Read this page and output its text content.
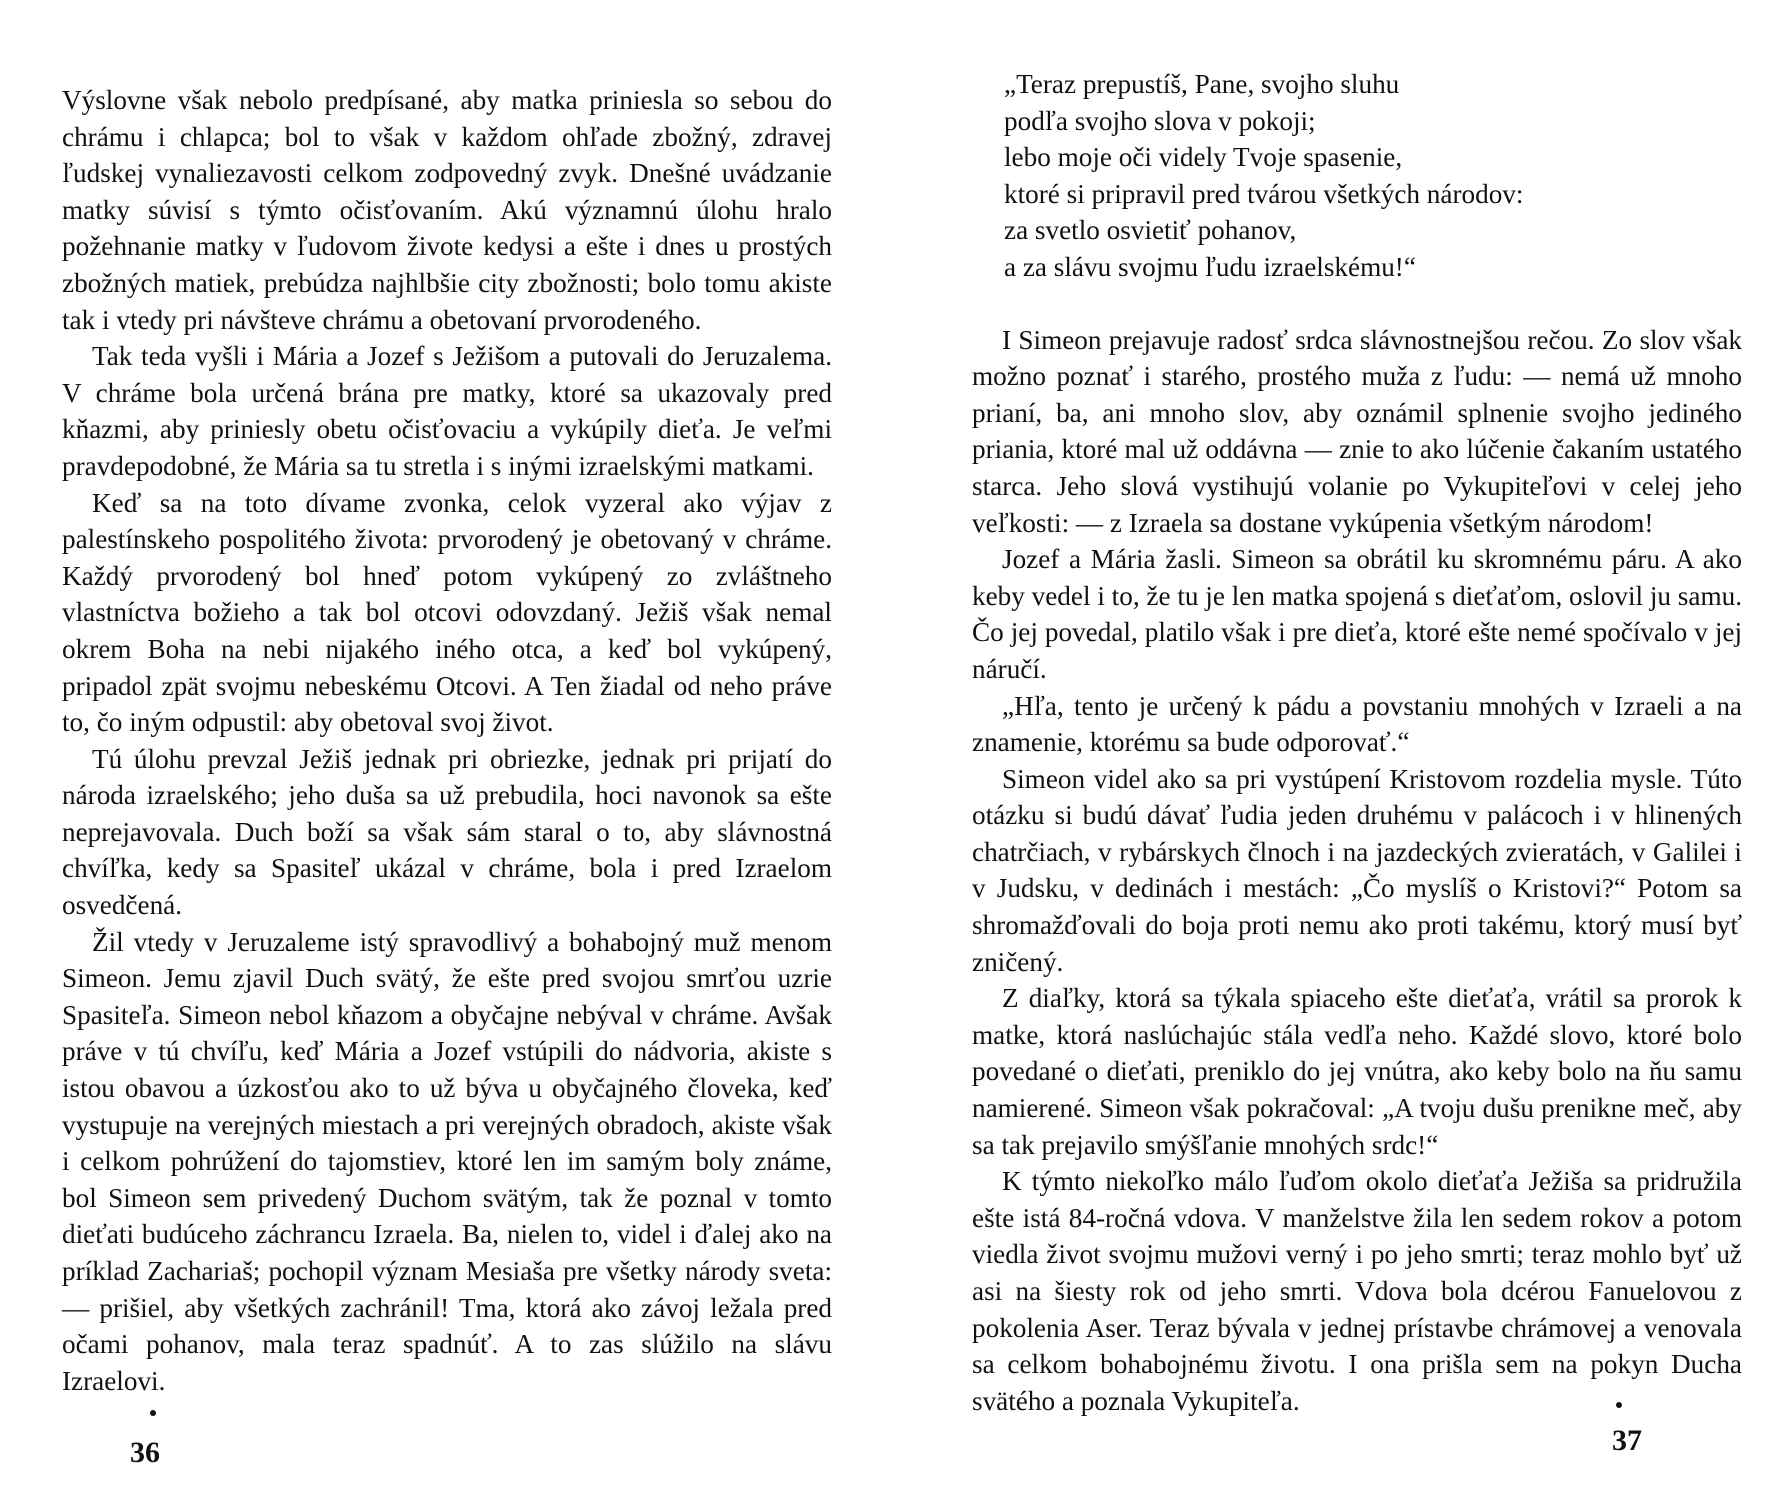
Výslovne však nebolo predpísané, aby matka priniesla so sebou do chrámu i chlapca; bol to však v každom ohľade zbožný, zdravej ľudskej vynaliezavosti celkom zodpovedný zvyk. Dnešné uvádzanie matky súvisí s týmto očisťovaním. Akú významnú úlohu hralo požehnanie matky v ľudovom živote kedysi a ešte i dnes u prostých zbožných matiek, prebúdza najhlbšie city zbožnosti; bolo tomu akiste tak i vtedy pri návšteve chrámu a obetovaní prvorodeného.

Tak teda vyšli i Mária a Jozef s Ježišom a putovali do Jeruzalema. V chráme bola určená brána pre matky, ktoré sa ukazovaly pred kňazmi, aby priniesly obetu očisťovaciu a vykúpily dieťa. Je veľmi pravdepodobné, že Mária sa tu stretla i s inými izraelskými matkami.

Keď sa na toto dívame zvonka, celok vyzeral ako výjav z palestínskeho pospolitého života: prvorodený je obetovaný v chráme. Každý prvorodený bol hneď potom vykúpený zo zvláštneho vlastníctva božieho a tak bol otcovi odovzdaný. Ježiš však nemal okrem Boha na nebi nijakého iného otca, a keď bol vykúpený, pripadol zpät svojmu nebeskému Otcovi. A Ten žiadal od neho práve to, čo iným odpustil: aby obetoval svoj život.

Tú úlohu prevzal Ježiš jednak pri obriezke, jednak pri prijatí do národa izraelského; jeho duša sa už prebudila, hoci navonok sa ešte neprejavovala. Duch boží sa však sám staral o to, aby slávnostná chvíľka, kedy sa Spasiteľ ukázal v chráme, bola i pred Izraelom osvedčená.

Žil vtedy v Jeruzaleme istý spravodlivý a bohabojný muž menom Simeon. Jemu zjavil Duch svätý, že ešte pred svojou smrťou uzrie Spasiteľa. Simeon nebol kňazom a obyčajne nebýval v chráme. Avšak práve v tú chvíľu, keď Mária a Jozef vstúpili do nádvoria, akiste s istou obavou a úzkosťou ako to už býva u obyčajného človeka, keď vystupuje na verejných miestach a pri verejných obradoch, akiste však i celkom pohrúžení do tajomstiev, ktoré len im samým boly známe, bol Simeon sem privedený Duchom svätým, tak že poznal v tomto dieťati budúceho záchrancu Izraela. Ba, nielen to, videl i ďalej ako na príklad Zachariaš; pochopil význam Mesiaša pre všetky národy sveta: — prišiel, aby všetkých zachránil! Tma, ktorá ako závoj ležala pred očami pohanov, mala teraz spadnúť. A to zas slúžilo na slávu Izraelovi.

36
„Teraz prepustíš, Pane, svojho sluhu
podľa svojho slova v pokoji;
lebo moje oči videly Tvoje spasenie,
ktoré si pripravil pred tvárou všetkých národov:
za svetlo osvietiť pohanov,
a za slávu svojmu ľudu izraelskému!“

I Simeon prejavuje radosť srdca slávnostnejšou rečou. Zo slov však možno poznať i starého, prostého muža z ľudu: — nemá už mnoho prianí, ba, ani mnoho slov, aby oznámil splnenie svojho jediného priania, ktoré mal už oddávna — znie to ako lúčenie čakaním ustatého starca. Jeho slová vystihujú volanie po Vykupiteľovi v celej jeho veľkosti: — z Izraela sa dostane vykúpenia všetkým národom!

Jozef a Mária žasli. Simeon sa obrátil ku skromnému páru. A ako keby vedel i to, že tu je len matka spojená s dieťaťom, oslovil ju samu. Čo jej povedal, platilo však i pre dieťa, ktoré ešte nemé spočívalo v jej náručí.

„Hľa, tento je určený k pádu a povstaniu mnohých v Izraeli a na znamenie, ktorému sa bude odporovať.“

Simeon videl ako sa pri vystúpení Kristovom rozdelia mysle. Túto otázku si budú dávať ľudia jeden druhému v palácoch i v hlinených chatrčiach, v rybárskych člnoch i na jazdeckých zvieratách, v Galilei i v Judsku, v dedinách i mestách: „Čo myslíš o Kristovi?“ Potom sa shromažďovali do boja proti nemu ako proti takému, ktorý musí byť zničený.

Z diaľky, ktorá sa týkala spiaceho ešte dieťaťa, vrátil sa prorok k matke, ktorá naslúchajúc stála vedľa neho. Každé slovo, ktoré bolo povedané o dieťati, preniklo do jej vnútra, ako keby bolo na ňu samu namierené. Simeon však pokračoval: „A tvoju dušu prenikne meč, aby sa tak prejavilo smýšľanie mnohých srdc!“

K týmto niekoľko málo ľuďom okolo dieťaťa Ježiša sa pridružila ešte istá 84-ročná vdova. V manželstve žila len sedem rokov a potom viedla život svojmu mužovi verný i po jeho smrti; teraz mohlo byť už asi na šiesty rok od jeho smrti. Vdova bola dcérou Fanuelovou z pokolenia Aser. Teraz bývala v jednej prístavbe chrámovej a venovala sa celkom bohabojnému životu. I ona prišla sem na pokyn Ducha svätého a poznala Vykupiteľa.

37
